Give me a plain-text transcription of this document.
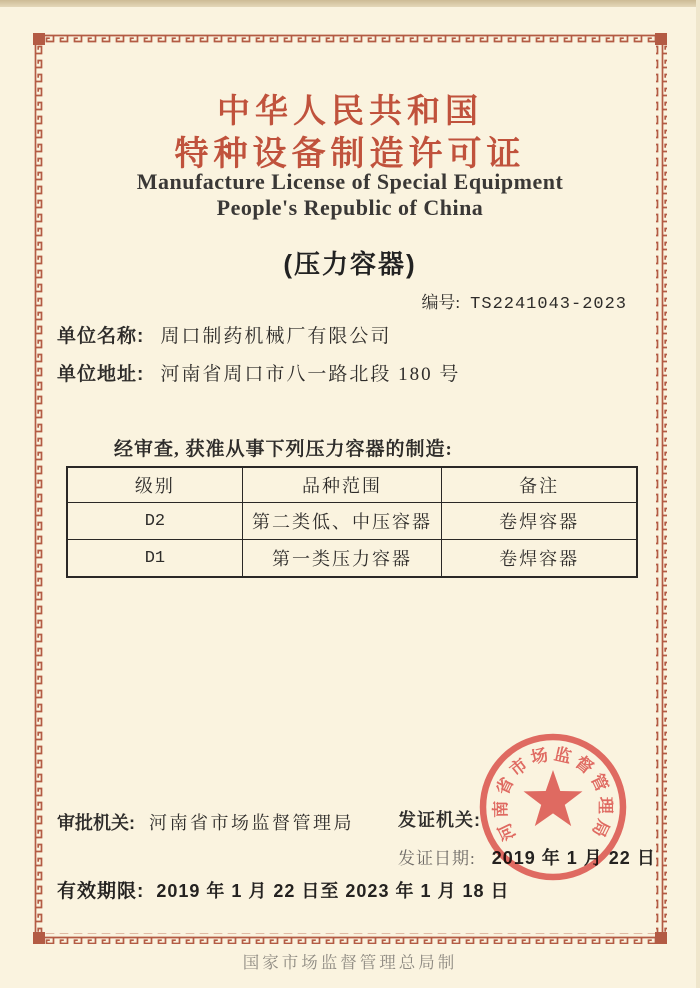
中华人民共和国
特种设备制造许可证
Manufacture License of Special Equipment
People's Republic of China
(压力容器)
编号: TS2241043-2023
单位名称: 周口制药机械厂有限公司
单位地址: 河南省周口市八一路北段 180 号
经审查, 获准从事下列压力容器的制造:
级别	品种范围	备注
D2	第二类低、中压容器	卷焊容器
D1	第一类压力容器	卷焊容器
审批机关: 河南省市场监督管理局 发证机关:
发证日期: 2019 年 1 月 22 日
有效期限: 2019 年 1 月 22 日至 2023 年 1 月 18 日
河南省市场监督管理局
国家市场监督管理总局制
